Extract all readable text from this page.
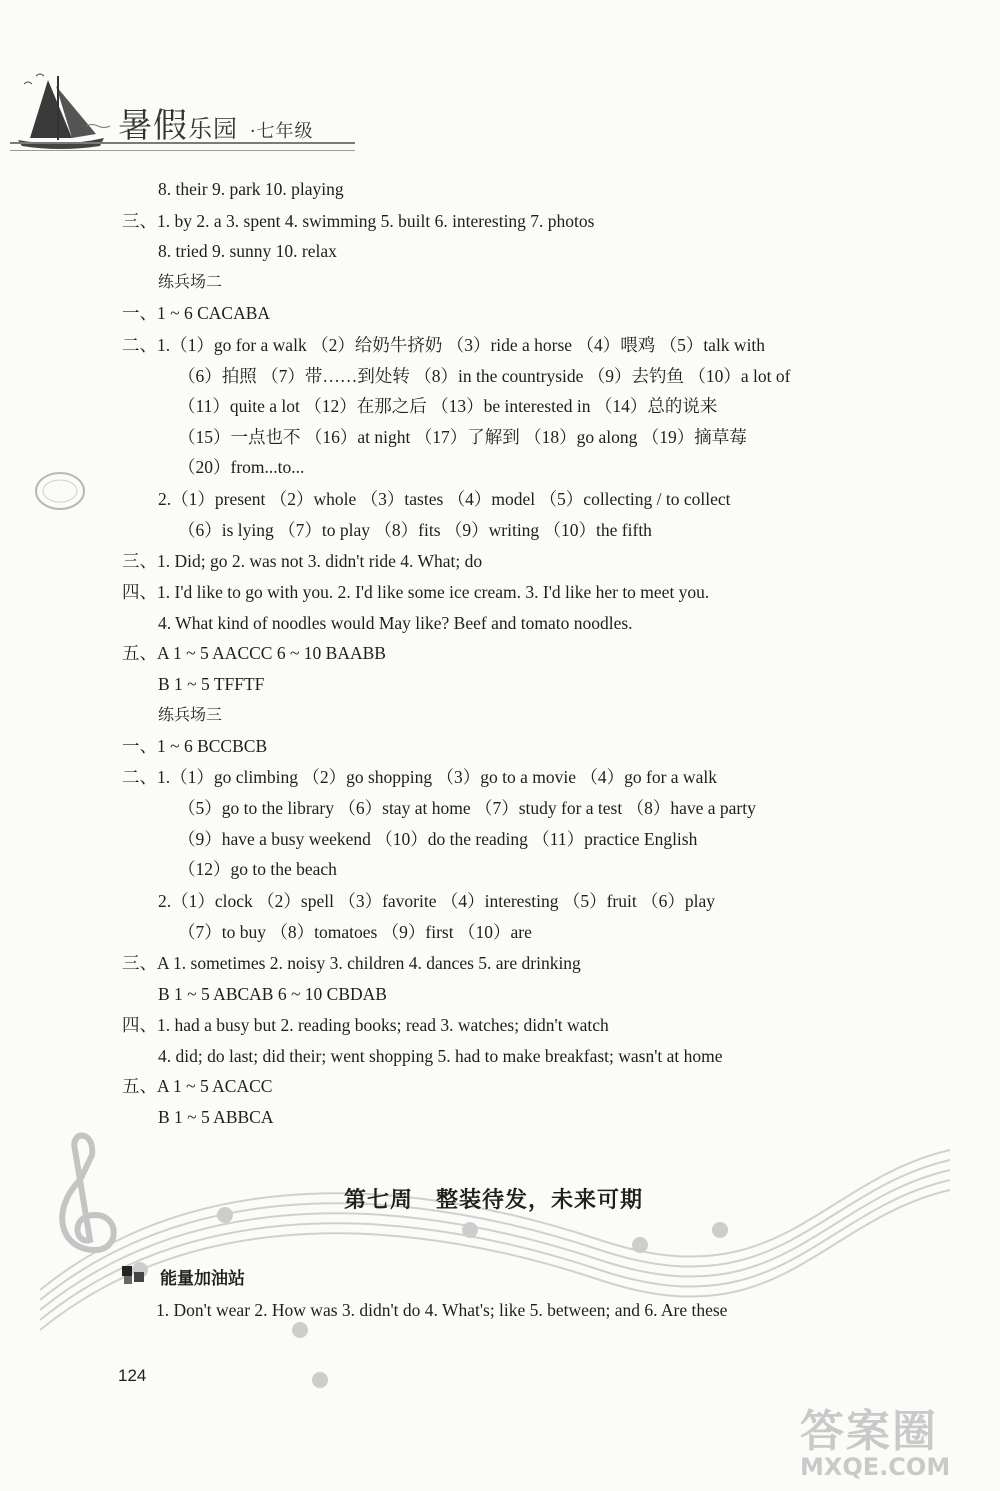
暑假乐园 ·七年级
8. their 9. park 10. playing
三、1. by 2. a 3. spent 4. swimming 5. built 6. interesting 7. photos
8. tried 9. sunny 10. relax
练兵场二
一、1 ~ 6 CACABA
二、1.（1）go for a walk （2）给奶牛挤奶 （3）ride a horse （4）喂鸡 （5）talk with
（6）拍照 （7）带……到处转 （8）in the countryside （9）去钓鱼 （10）a lot of
（11）quite a lot （12）在那之后 （13）be interested in （14）总的说来
（15）一点也不 （16）at night （17）了解到 （18）go along （19）摘草莓
（20）from...to...
2.（1）present （2）whole （3）tastes （4）model （5）collecting / to collect
（6）is lying （7）to play （8）fits （9）writing （10）the fifth
三、1. Did; go 2. was not 3. didn't ride 4. What; do
四、1. I'd like to go with you. 2. I'd like some ice cream. 3. I'd like her to meet you.
4. What kind of noodles would May like? Beef and tomato noodles.
五、A 1 ~ 5 AACCC 6 ~ 10 BAABB
B 1 ~ 5 TFFTF
练兵场三
一、1 ~ 6 BCCBCB
二、1.（1）go climbing （2）go shopping （3）go to a movie （4）go for a walk
（5）go to the library （6）stay at home （7）study for a test （8）have a party
（9）have a busy weekend （10）do the reading （11）practice English
（12）go to the beach
2.（1）clock （2）spell （3）favorite （4）interesting （5）fruit （6）play
（7）to buy （8）tomatoes （9）first （10）are
三、A 1. sometimes 2. noisy 3. children 4. dances 5. are drinking
B 1 ~ 5 ABCAB 6 ~ 10 CBDAB
四、1. had a busy but 2. reading books; read 3. watches; didn't watch
4. did; do last; did their; went shopping 5. had to make breakfast; wasn't at home
五、A 1 ~ 5 ACACC
B 1 ~ 5 ABBCA
第七周　整装待发，未来可期
能量加油站
1. Don't wear 2. How was 3. didn't do 4. What's; like 5. between; and 6. Are these
124
答案圈
MXQE.COM
